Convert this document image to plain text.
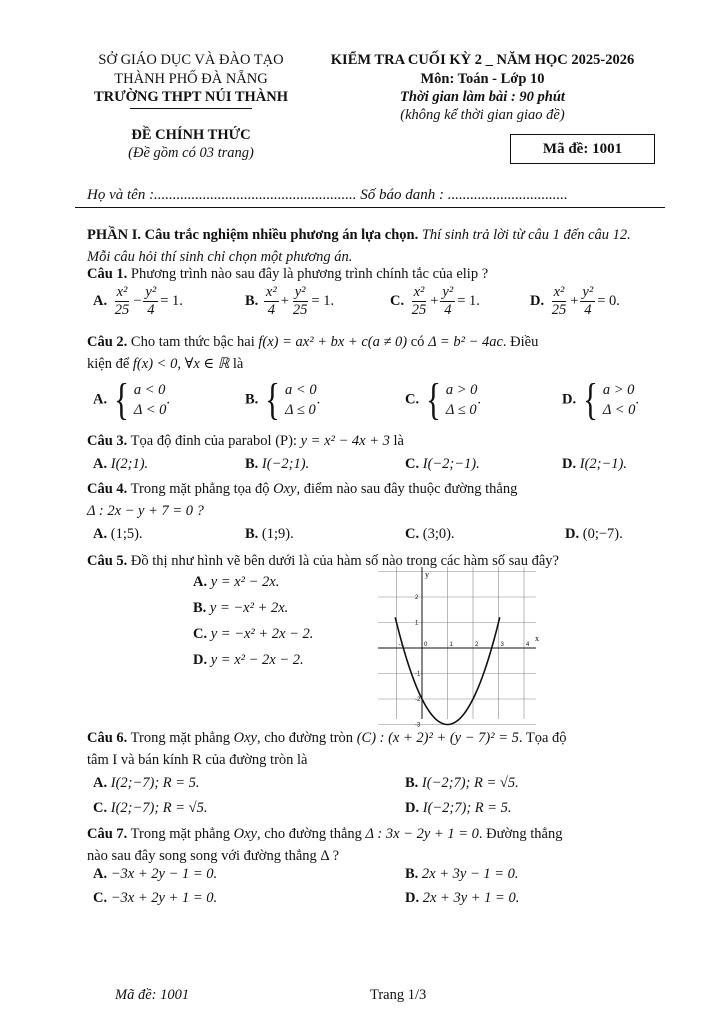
SỞ GIÁO DỤC VÀ ĐÀO TẠO
THÀNH PHỐ ĐÀ NẴNG
TRƯỜNG THPT NÚI THÀNH
ĐỀ CHÍNH THỨC
(Đề gồm có 03 trang)
KIỂM TRA CUỐI KỲ 2 _ NĂM HỌC 2025-2026
Môn: Toán - Lớp 10
Thời gian làm bài : 90 phút
(không kể thời gian giao đề)
Mã đề: 1001
Họ và tên :...................................................... Số báo danh : ................................
PHẦN I. Câu trắc nghiệm nhiều phương án lựa chọn. Thí sinh trả lời từ câu 1 đến câu 12. Mỗi câu hỏi thí sinh chỉ chọn một phương án.
Câu 1. Phương trình nào sau đây là phương trình chính tắc của elip ?
A. $\frac{\text{x²}}{25} - \frac{\text{y²}}{4} = 1$.	B. $\frac{\text{x²}}{4} + \frac{\text{y²}}{25} = 1$.	C. $\frac{\text{x²}}{25} + \frac{\text{y²}}{4} = 1$.	D. $\frac{\text{x²}}{25} + \frac{\text{y²}}{4} = 0$.
Câu 2. Cho tam thức bậc hai f(x) = ax² + bx + c(a ≠ 0) có Δ = b² − 4ac. Điều
kiện để f(x) < 0, ∀x ∈ ℝ là
A. { a < 0
Δ < 0
.	B. { a < 0
Δ ≤ 0
.	C. { a > 0
Δ ≤ 0
.	D. { a > 0
Δ < 0
.
Câu 3. Tọa độ đỉnh của parabol (P): y = x² − 4x + 3 là
A. I(2;1).	B. I(−2;1).	C. I(−2;−1).	D. I(2;−1).
Câu 4. Trong mặt phẳng tọa độ Oxy, điểm nào sau đây thuộc đường thẳng
Δ : 2x − y + 7 = 0 ?
A. (1;5).	B. (1;9).	C. (3;0).	D. (0;−7).
Câu 5. Đồ thị như hình vẽ bên dưới là của hàm số nào trong các hàm số sau đây?
A. y = x² − 2x.
B. y = −x² + 2x.
C. y = −x² + 2x − 2.
D. y = x² − 2x − 2.
y
x
-1	0	1	2	3	4
2
1
-1
-2
-3
Câu 6. Trong mặt phẳng Oxy, cho đường tròn (C) : (x + 2)² + (y − 7)² = 5. Tọa độ
tâm I và bán kính R của đường tròn là
A. I(2;−7); R = 5.	B. I(−2;7); R = √5.
C. I(2;−7); R = √5.	D. I(−2;7); R = 5.
Câu 7. Trong mặt phẳng Oxy, cho đường thẳng Δ : 3x − 2y + 1 = 0. Đường thẳng
nào sau đây song song với đường thẳng Δ ?
A. −3x + 2y − 1 = 0.	B. 2x + 3y − 1 = 0.
C. −3x + 2y + 1 = 0.	D. 2x + 3y + 1 = 0.
Mã đề: 1001	Trang 1/3
